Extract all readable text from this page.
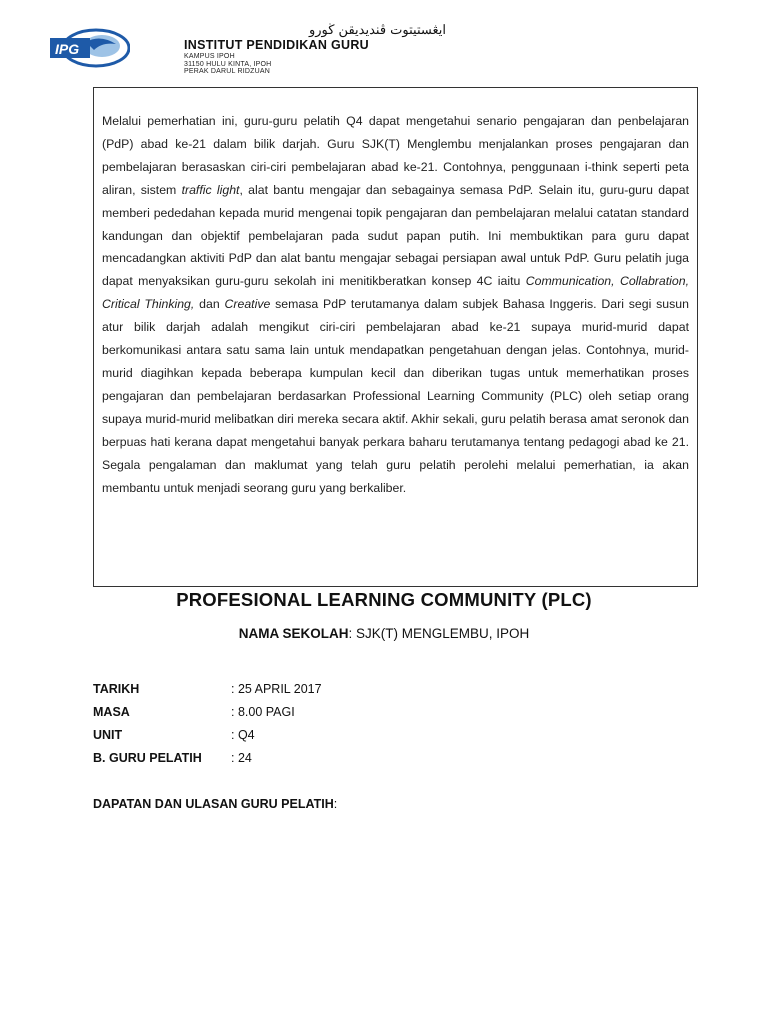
IPG
ايڠستيتوت ڤنديديقن ڬورو
INSTITUT PENDIDIKAN GURU
KAMPUS IPOH
31150 HULU KINTA, IPOH
PERAK DARUL RIDZUAN

Melalui pemerhatian ini, guru-guru pelatih Q4 dapat mengetahui senario pengajaran dan penbelajaran (PdP) abad ke-21 dalam bilik darjah. Guru SJK(T) Menglembu menjalankan proses pengajaran dan pembelajaran berasaskan ciri-ciri pembelajaran abad ke-21. Contohnya, penggunaan i-think seperti peta aliran, sistem traffic light, alat bantu mengajar dan sebagainya semasa PdP. Selain itu, guru-guru dapat memberi pededahan kepada murid mengenai topik pengajaran dan pembelajaran melalui catatan standard kandungan dan objektif pembelajaran pada sudut papan putih. Ini membuktikan para guru dapat mencadangkan aktiviti PdP dan alat bantu mengajar sebagai persiapan awal untuk PdP. Guru pelatih juga dapat menyaksikan guru-guru sekolah ini menitikberatkan konsep 4C iaitu Communication, Collabration, Critical Thinking, dan Creative semasa PdP terutamanya dalam subjek Bahasa Inggeris. Dari segi susun atur bilik darjah adalah mengikut ciri-ciri pembelajaran abad ke-21 supaya murid-murid dapat berkomunikasi antara satu sama lain untuk mendapatkan pengetahuan dengan jelas. Contohnya, murid-murid diagihkan kepada beberapa kumpulan kecil dan diberikan tugas untuk memerhatikan proses pengajaran dan pembelajaran berdasarkan Professional Learning Community (PLC) oleh setiap orang supaya murid-murid melibatkan diri mereka secara aktif. Akhir sekali, guru pelatih berasa amat seronok dan berpuas hati kerana dapat mengetahui banyak perkara baharu terutamanya tentang pedagogi abad ke 21. Segala pengalaman dan maklumat yang telah guru pelatih perolehi melalui pemerhatian, ia akan membantu untuk menjadi seorang guru yang berkaliber.

PROFESIONAL LEARNING COMMUNITY (PLC)
NAMA SEKOLAH: SJK(T) MENGLEMBU, IPOH
TARIKH	: 25 APRIL 2017
MASA	: 8.00 PAGI
UNIT	: Q4
B. GURU PELATIH	: 24
DAPATAN DAN ULASAN GURU PELATIH:
